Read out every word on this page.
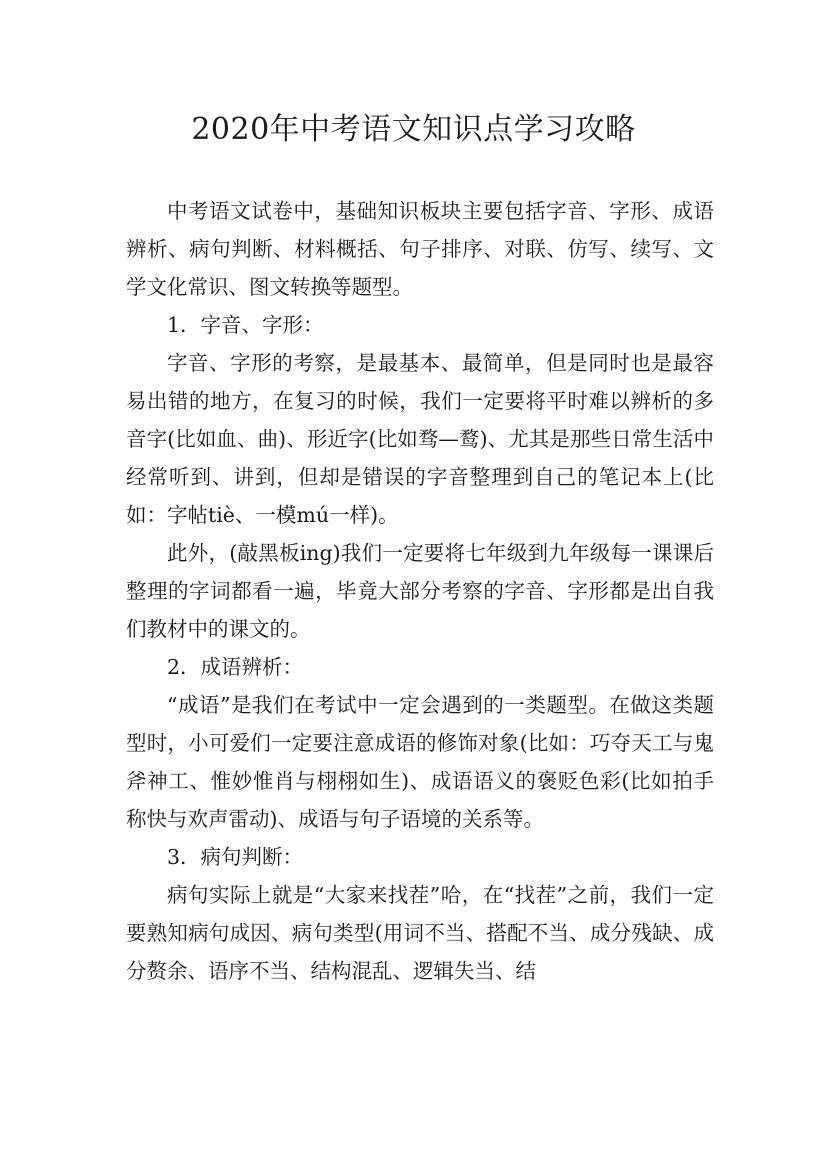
2020年中考语文知识点学习攻略

中考语文试卷中，基础知识板块主要包括字音、字形、成语辨析、病句判断、材料概括、句子排序、对联、仿写、续写、文学文化常识、图文转换等题型。

1．字音、字形：

字音、字形的考察，是最基本、最简单，但是同时也是最容易出错的地方，在复习的时候，我们一定要将平时难以辨析的多音字(比如血、曲)、形近字(比如骛—鹜)、尤其是那些日常生活中经常听到、讲到，但却是错误的字音整理到自己的笔记本上(比如：字帖tiè、一模mú一样)。

此外，(敲黑板ing)我们一定要将七年级到九年级每一课课后整理的字词都看一遍，毕竟大部分考察的字音、字形都是出自我们教材中的课文的。

2．成语辨析：

“成语”是我们在考试中一定会遇到的一类题型。在做这类题型时，小可爱们一定要注意成语的修饰对象(比如：巧夺天工与鬼斧神工、惟妙惟肖与栩栩如生)、成语语义的褒贬色彩(比如拍手称快与欢声雷动)、成语与句子语境的关系等。

3．病句判断：

病句实际上就是“大家来找茬”哈，在“找茬”之前，我们一定要熟知病句成因、病句类型(用词不当、搭配不当、成分残缺、成分赘余、语序不当、结构混乱、逻辑失当、结
